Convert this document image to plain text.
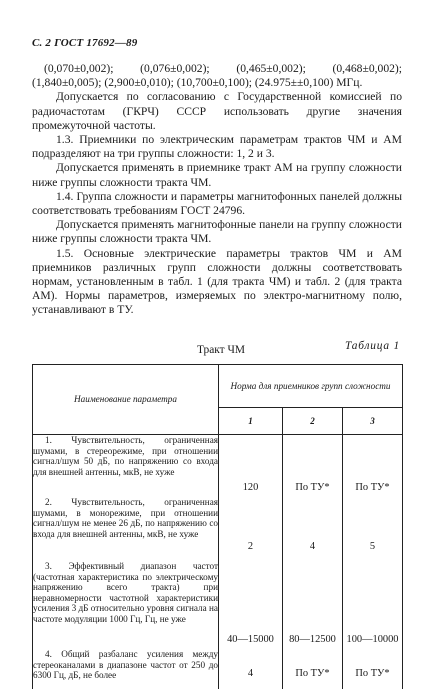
С. 2 ГОСТ 17692—89

(0,070±0,002); (0,076±0,002); (0,465±0,002); (0,468±0,002); (1,840±0,005); (2,900±0,010); (10,700±0,100); (24.975±±0,100) МГц.

Допускается по согласованию с Государственной комиссией по радиочастотам (ГКРЧ) СССР использовать другие значения промежуточной частоты.

1.3. Приемники по электрическим параметрам трактов ЧМ и АМ подразделяют на три группы сложности: 1, 2 и 3.

Допускается применять в приемнике тракт АМ на группу сложности ниже группы сложности тракта ЧМ.

1.4. Группа сложности и параметры магнитофонных панелей должны соответствовать требованиям ГОСТ 24796.

Допускается применять магнитофонные панели на группу сложности ниже группы сложности тракта ЧМ.

1.5. Основные электрические параметры трактов ЧМ и АМ приемников различных групп сложности должны соответствовать нормам, установленным в табл. 1 (для тракта ЧМ) и табл. 2 (для тракта АМ). Нормы параметров, измеряемых по электро-магнитному полю, устанавливают в ТУ.

Тракт ЧМ	Таблица 1
Наименование параметра	Норма для приемников групп сложности		
	1	2	3

1. Чувствительность, ограниченная шумами, в стереорежиме, при отношении сигнал/шум 50 дБ, по напряжению со входа для внешней антенны, мкВ, не хуже	120	По ТУ*	По ТУ*

2. Чувствительность, ограниченная шумами, в монорежиме, при отношении сигнал/шум не менее 26 дБ, по напряжению со входа для внешней антенны, мкВ, не хуже	2	4	5

3. Эффективный диапазон частот (частотная характеристика по электрическому напряжению всего тракта) при неравномерности частотной характеристики усиления 3 дБ относительно уровня сигнала на частоте модуляции 1000 Гц, Гц, не уже	40—15000	80—12500	100—10000

4. Общий разбаланс усиления между стереоканалами в диапазоне частот от 250 до 6300 Гц, дБ, не более	4	По ТУ*	По ТУ*
